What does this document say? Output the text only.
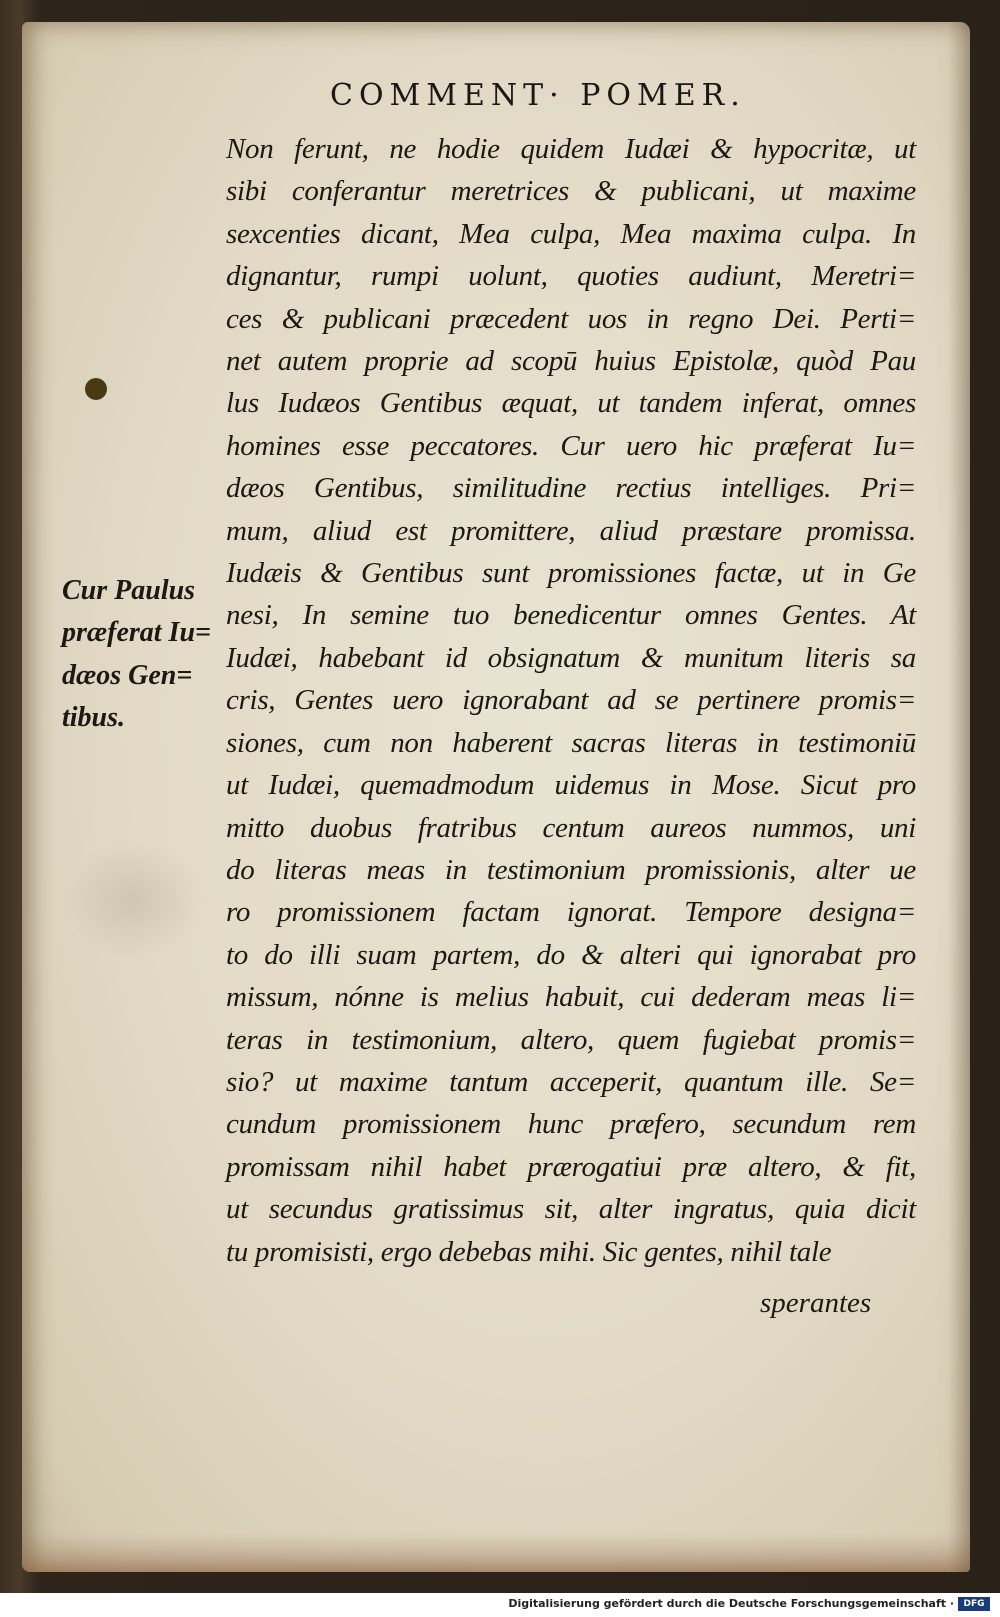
COMMENT· POMER.
Cur Paulus
præferat Iu=
dæos Gen=
tibus.
Non ferunt, ne hodie quidem Iudæi & hypocritæ, ut
sibi conferantur meretrices & publicani, ut maxime
sexcenties dicant, Mea culpa, Mea maxima culpa. In
dignantur, rumpi uolunt, quoties audiunt, Meretri=
ces & publicani præcedent uos in regno Dei. Perti=
net autem proprie ad scopū huius Epistolæ, quòd Pau
lus Iudæos Gentibus æquat, ut tandem inferat, omnes
homines esse peccatores. Cur uero hic præferat Iu=
dæos Gentibus, similitudine rectius intelliges. Pri=
mum, aliud est promittere, aliud præstare promissa.
Iudæis & Gentibus sunt promissiones factæ, ut in Ge
nesi, In semine tuo benedicentur omnes Gentes. At
Iudæi, habebant id obsignatum & munitum literis sa
cris, Gentes uero ignorabant ad se pertinere promis=
siones, cum non haberent sacras literas in testimoniū
ut Iudæi, quemadmodum uidemus in Mose. Sicut pro
mitto duobus fratribus centum aureos nummos, uni
do literas meas in testimonium promissionis, alter ue
ro promissionem factam ignorat. Tempore designa=
to do illi suam partem, do & alteri qui ignorabat pro
missum, nónne is melius habuit, cui dederam meas li=
teras in testimonium, altero, quem fugiebat promis=
sio? ut maxime tantum acceperit, quantum ille. Se=
cundum promissionem hunc præfero, secundum rem
promissam nihil habet prærogatiui præ altero, & fit,
ut secundus gratissimus sit, alter ingratus, quia dicit
tu promisisti, ergo debebas mihi. Sic gentes, nihil tale
sperantes
Digitalisierung gefördert durch die Deutsche Forschungsgemeinschaft ·	DFG
